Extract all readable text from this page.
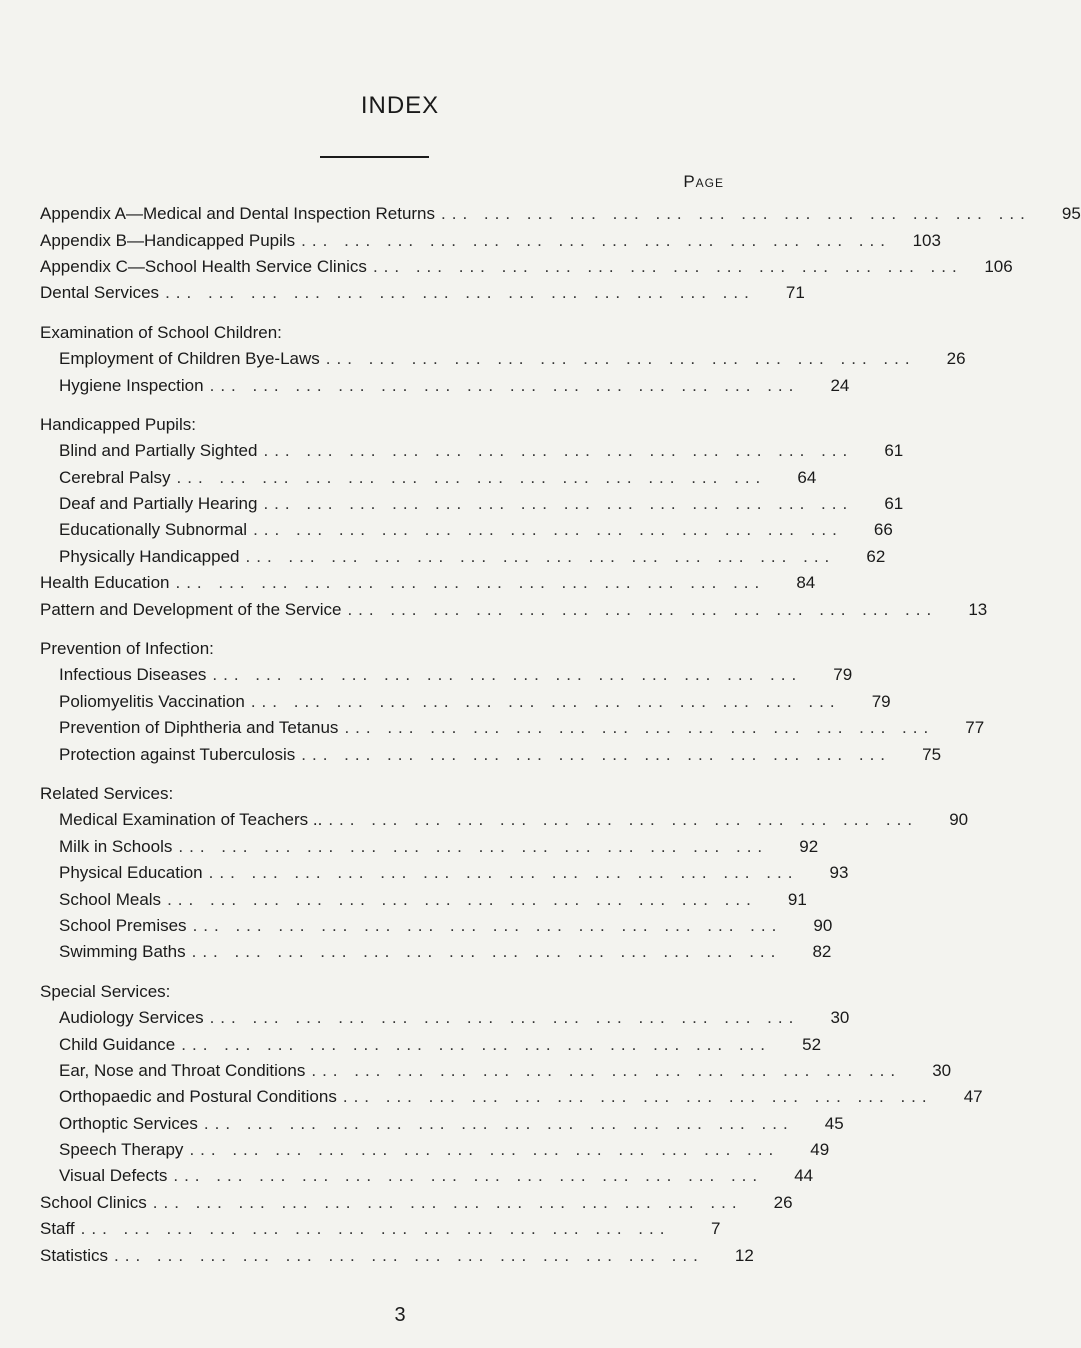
INDEX
Page
Appendix A—Medical and Dental Inspection Returns ... ... ... ... ... ... ... ... ... ... ... ... ... ...	95
Appendix B—Handicapped Pupils ... ... ... ... ... ... ... ... ... ... ... ... ... ...	103
Appendix C—School Health Service Clinics ... ... ... ... ... ... ... ... ... ... ... ... ... ...	106
Dental Services ... ... ... ... ... ... ... ... ... ... ... ... ... ...	71
Examination of School Children:
Employment of Children Bye-Laws ... ... ... ... ... ... ... ... ... ... ... ... ... ...	26
Hygiene Inspection ... ... ... ... ... ... ... ... ... ... ... ... ... ...	24
Handicapped Pupils:
Blind and Partially Sighted ... ... ... ... ... ... ... ... ... ... ... ... ... ...	61
Cerebral Palsy ... ... ... ... ... ... ... ... ... ... ... ... ... ...	64
Deaf and Partially Hearing ... ... ... ... ... ... ... ... ... ... ... ... ... ...	61
Educationally Subnormal ... ... ... ... ... ... ... ... ... ... ... ... ... ...	66
Physically Handicapped ... ... ... ... ... ... ... ... ... ... ... ... ... ...	62
Health Education ... ... ... ... ... ... ... ... ... ... ... ... ... ...	84
Pattern and Development of the Service ... ... ... ... ... ... ... ... ... ... ... ... ... ...	13
Prevention of Infection:
Infectious Diseases ... ... ... ... ... ... ... ... ... ... ... ... ... ...	79
Poliomyelitis Vaccination ... ... ... ... ... ... ... ... ... ... ... ... ... ...	79
Prevention of Diphtheria and Tetanus ... ... ... ... ... ... ... ... ... ... ... ... ... ...	77
Protection against Tuberculosis ... ... ... ... ... ... ... ... ... ... ... ... ... ...	75
Related Services:
Medical Examination of Teachers .. ... ... ... ... ... ... ... ... ... ... ... ... ... ...	90
Milk in Schools ... ... ... ... ... ... ... ... ... ... ... ... ... ...	92
Physical Education ... ... ... ... ... ... ... ... ... ... ... ... ... ...	93
School Meals ... ... ... ... ... ... ... ... ... ... ... ... ... ...	91
School Premises ... ... ... ... ... ... ... ... ... ... ... ... ... ...	90
Swimming Baths ... ... ... ... ... ... ... ... ... ... ... ... ... ...	82
Special Services:
Audiology Services ... ... ... ... ... ... ... ... ... ... ... ... ... ...	30
Child Guidance ... ... ... ... ... ... ... ... ... ... ... ... ... ...	52
Ear, Nose and Throat Conditions ... ... ... ... ... ... ... ... ... ... ... ... ... ...	30
Orthopaedic and Postural Conditions ... ... ... ... ... ... ... ... ... ... ... ... ... ...	47
Orthoptic Services ... ... ... ... ... ... ... ... ... ... ... ... ... ...	45
Speech Therapy ... ... ... ... ... ... ... ... ... ... ... ... ... ...	49
Visual Defects ... ... ... ... ... ... ... ... ... ... ... ... ... ...	44
School Clinics ... ... ... ... ... ... ... ... ... ... ... ... ... ...	26
Staff ... ... ... ... ... ... ... ... ... ... ... ... ... ...	7
Statistics ... ... ... ... ... ... ... ... ... ... ... ... ... ...	12
3
